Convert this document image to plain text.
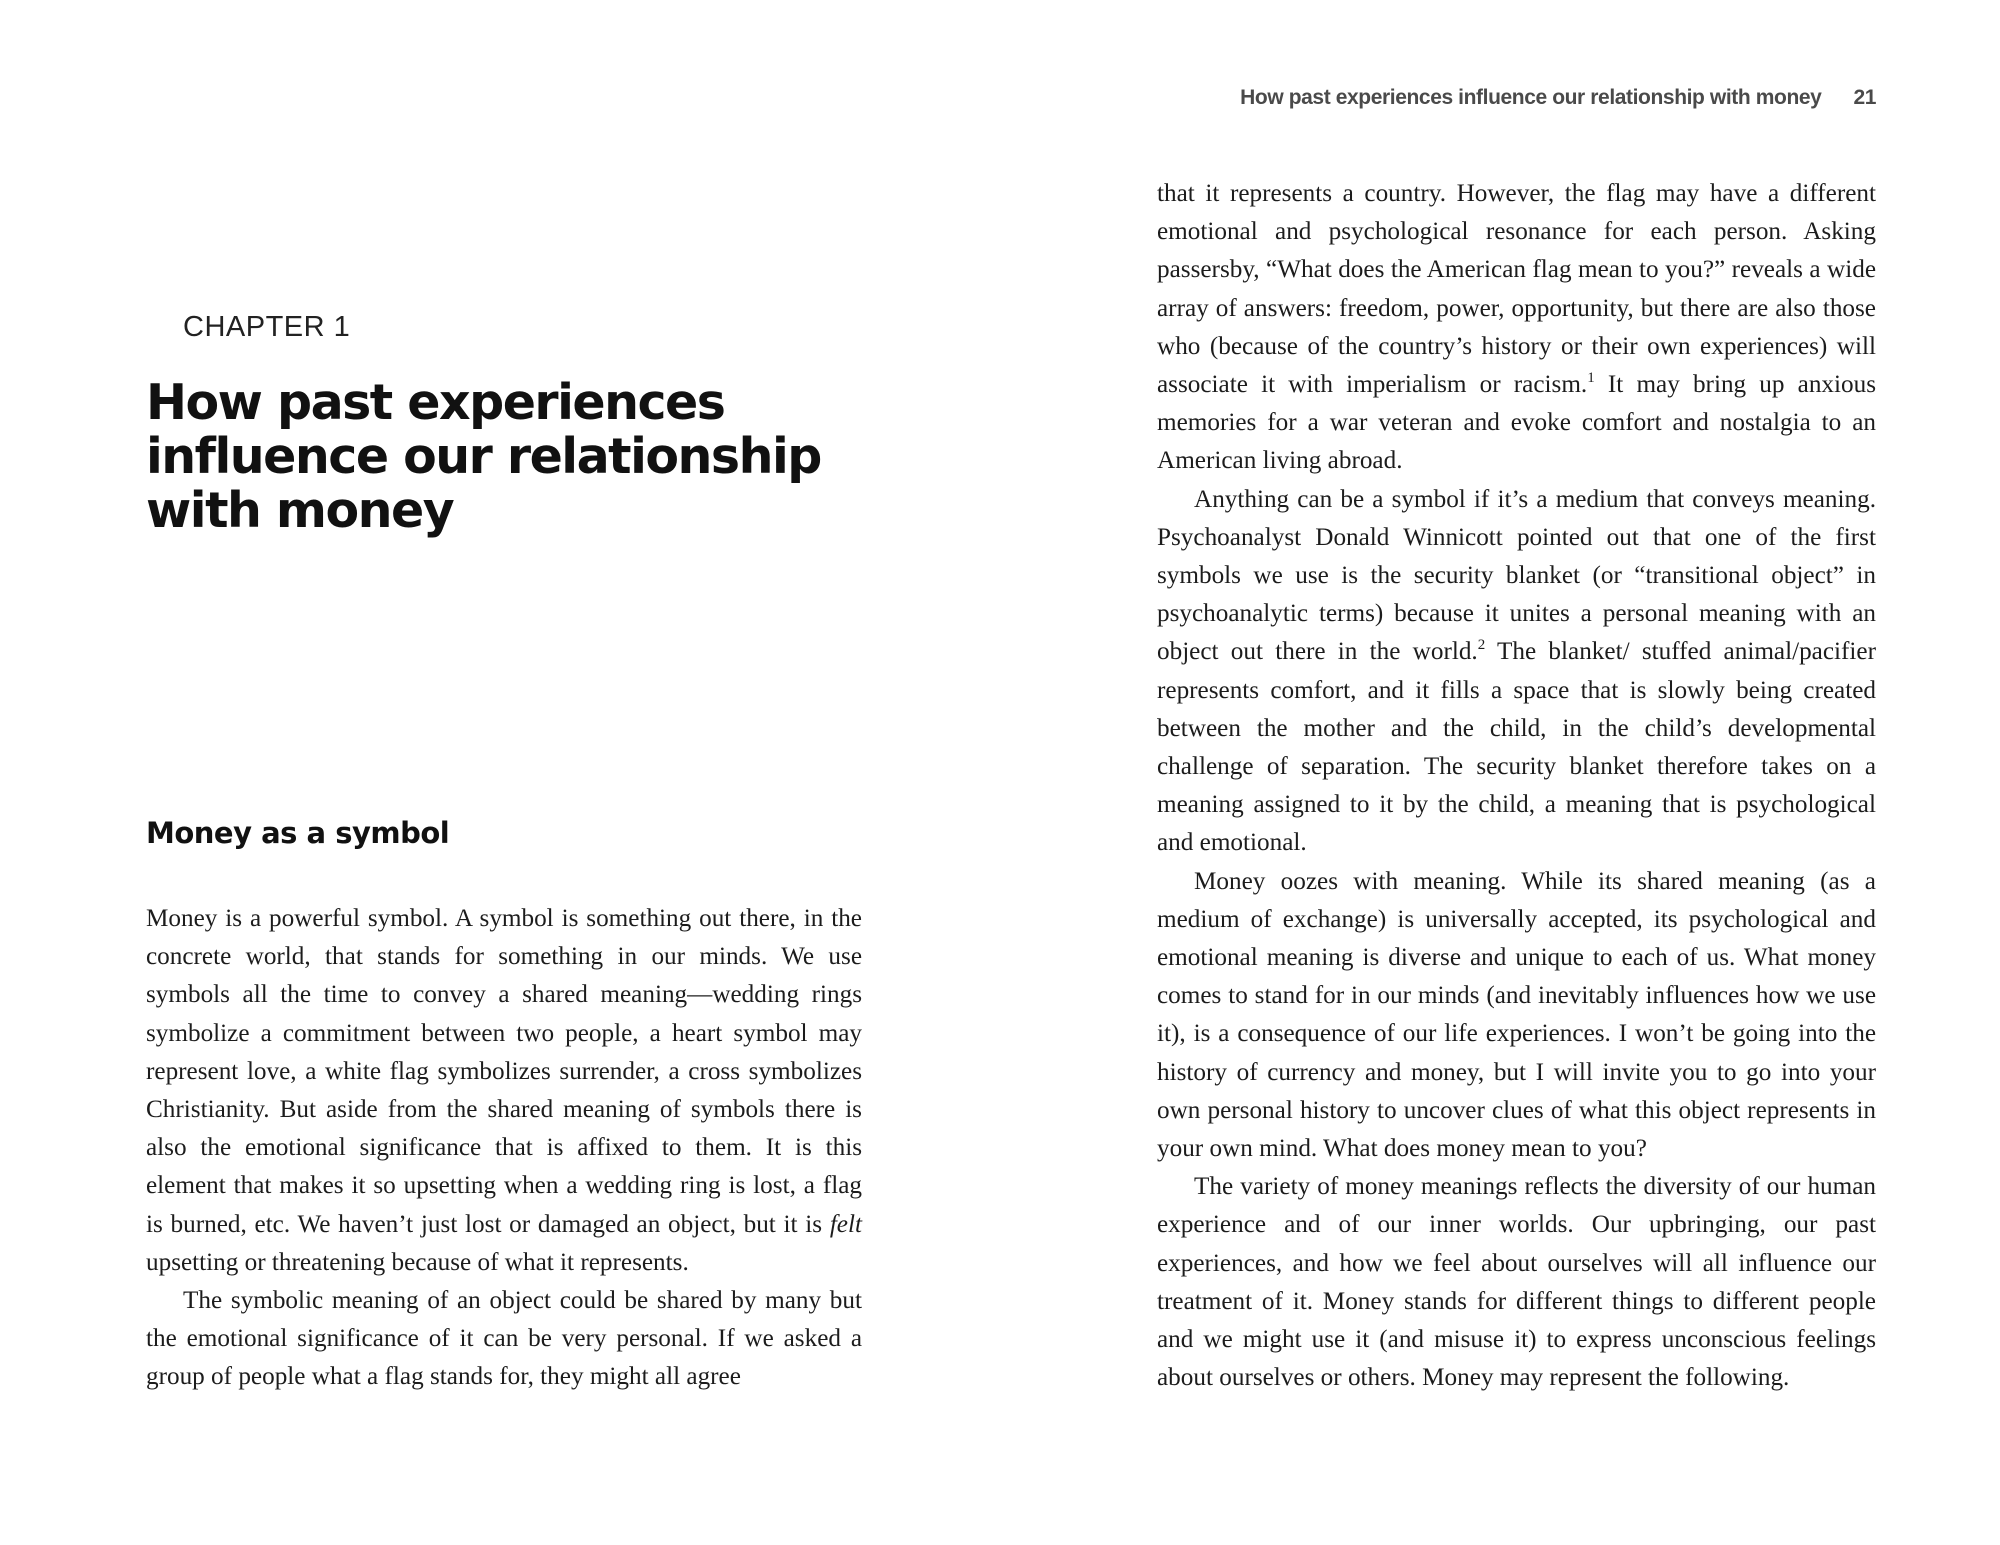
CHAPTER 1
How past experiences influence our relationship with money
Money as a symbol

Money is a powerful symbol. A symbol is something out there, in the concrete world, that stands for something in our minds. We use symbols all the time to convey a shared meaning—wedding rings symbolize a commitment between two people, a heart symbol may represent love, a white flag symbolizes surrender, a cross symbolizes Christianity. But aside from the shared meaning of symbols there is also the emotional significance that is affixed to them. It is this element that makes it so upsetting when a wedding ring is lost, a flag is burned, etc. We haven’t just lost or damaged an object, but it is felt upsetting or threatening because of what it represents.

The symbolic meaning of an object could be shared by many but the emotional significance of it can be very personal. If we asked a group of people what a flag stands for, they might all agree

How past experiences influence our relationship with money 21

that it represents a country. However, the flag may have a different emotional and psychological resonance for each person. Asking passersby, “What does the American flag mean to you?” reveals a wide array of answers: freedom, power, opportunity, but there are also those who (because of the country’s history or their own experiences) will associate it with imperialism or racism.$^1$ It may bring up anxious memories for a war veteran and evoke comfort and nostalgia to an American living abroad.

Anything can be a symbol if it’s a medium that conveys meaning. Psychoanalyst Donald Winnicott pointed out that one of the first symbols we use is the security blanket (or “transitional object” in psychoanalytic terms) because it unites a personal meaning with an object out there in the world.$^2$ The blanket/ stuffed animal/pacifier represents comfort, and it fills a space that is slowly being created between the mother and the child, in the child’s developmental challenge of separation. The security blanket therefore takes on a meaning assigned to it by the child, a meaning that is psychological and emotional.

Money oozes with meaning. While its shared meaning (as a medium of exchange) is universally accepted, its psychological and emotional meaning is diverse and unique to each of us. What money comes to stand for in our minds (and inevitably influences how we use it), is a consequence of our life experiences. I won’t be going into the history of currency and money, but I will invite you to go into your own personal history to uncover clues of what this object represents in your own mind. What does money mean to you?

The variety of money meanings reflects the diversity of our human experience and of our inner worlds. Our upbringing, our past experiences, and how we feel about ourselves will all influence our treatment of it. Money stands for different things to different people and we might use it (and misuse it) to express unconscious feelings about ourselves or others. Money may represent the following.
